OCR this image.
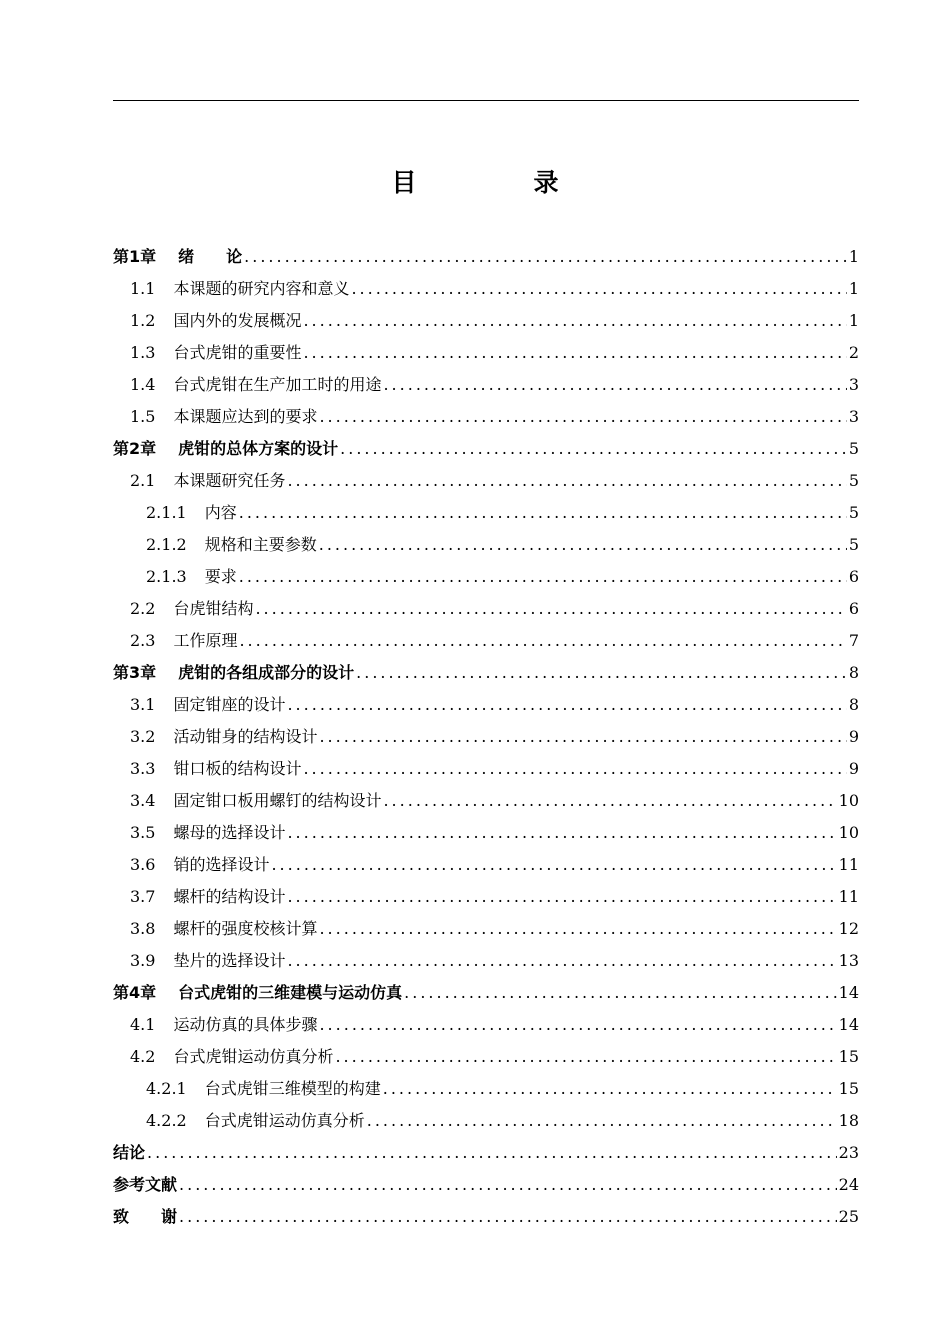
目　录
第1章 绪　　论 .....	1
1.1 本课题的研究内容和意义 .....	1
1.2 国内外的发展概况 .....	1
1.3 台式虎钳的重要性 .....	2
1.4 台式虎钳在生产加工时的用途 .....	3
1.5 本课题应达到的要求 .....	3
第2章 虎钳的总体方案的设计 .....	5
2.1 本课题研究任务 .....	5
2.1.1 内容 .....	5
2.1.2 规格和主要参数 .....	5
2.1.3 要求 .....	6
2.2 台虎钳结构 .....	6
2.3 工作原理 .....	7
第3章 虎钳的各组成部分的设计 .....	8
3.1 固定钳座的设计 .....	8
3.2 活动钳身的结构设计 .....	9
3.3 钳口板的结构设计 .....	9
3.4 固定钳口板用螺钉的结构设计 .....	10
3.5 螺母的选择设计 .....	10
3.6 销的选择设计 .....	11
3.7 螺杆的结构设计 .....	11
3.8 螺杆的强度校核计算 .....	12
3.9 垫片的选择设计 .....	13
第4章 台式虎钳的三维建模与运动仿真 .....	14
4.1 运动仿真的具体步骤 .....	14
4.2 台式虎钳运动仿真分析 .....	15
4.2.1 台式虎钳三维模型的构建 .....	15
4.2.2 台式虎钳运动仿真分析 .....	18
结论 .....	23
参考文献 .....	24
致　　谢 .....	25
